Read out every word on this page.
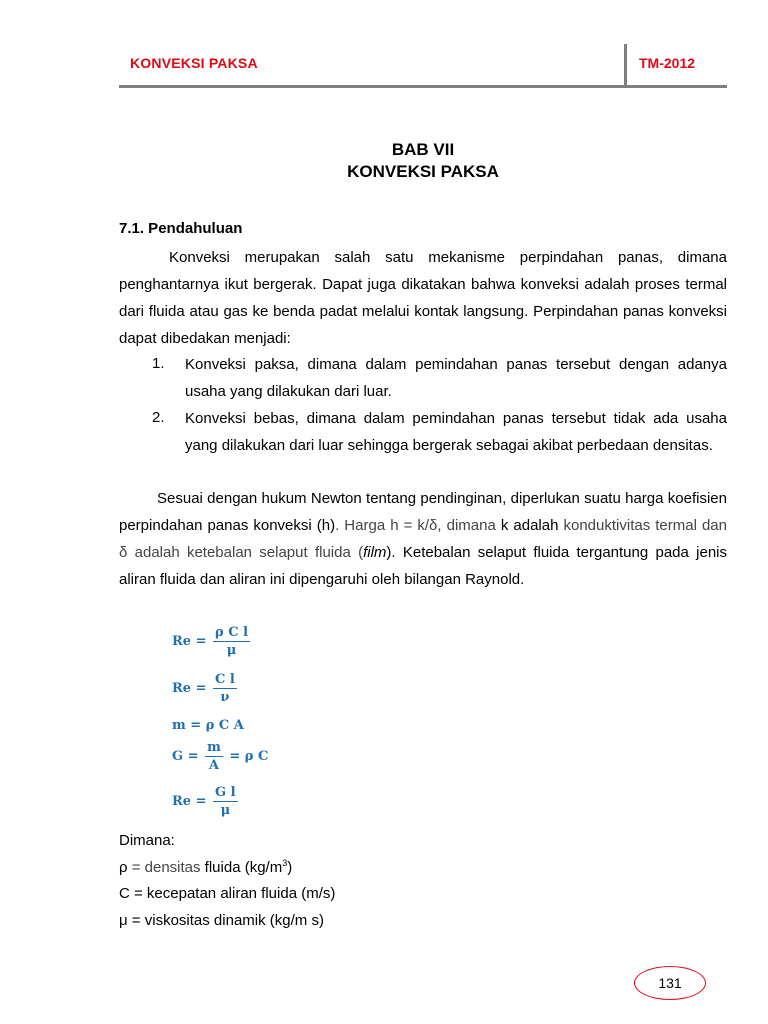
KONVEKSI PAKSA	TM-2012
BAB VII
KONVEKSI PAKSA
7.1. Pendahuluan

Konveksi merupakan salah satu mekanisme perpindahan panas, dimana penghantarnya ikut bergerak. Dapat juga dikatakan bahwa konveksi adalah proses termal dari fluida atau gas ke benda padat melalui kontak langsung. Perpindahan panas konveksi dapat dibedakan menjadi:

1. Konveksi paksa, dimana dalam pemindahan panas tersebut dengan adanya usaha yang dilakukan dari luar.

2. Konveksi bebas, dimana dalam pemindahan panas tersebut tidak ada usaha yang dilakukan dari luar sehingga bergerak sebagai akibat perbedaan densitas.

Sesuai dengan hukum Newton tentang pendinginan, diperlukan suatu harga koefisien perpindahan panas konveksi (h). Harga h = k/δ, dimana k adalah konduktivitas termal dan δ adalah ketebalan selaput fluida (film). Ketebalan selaput fluida tergantung pada jenis aliran fluida dan aliran ini dipengaruhi oleh bilangan Raynold.

$Re = \frac{\text{ρ C l}}{\mu}$
$Re = \frac{\text{C l}}{\nu}$
m = ρ C A
$G = \frac{m}{A} = \rho$ C
$Re = \frac{\text{G l}}{\mu}$
Dimana:
ρ = densitas fluida $(kg/m^3)$
C = kecepatan aliran fluida (m/s)
μ = viskositas dinamik (kg/m s)
131
